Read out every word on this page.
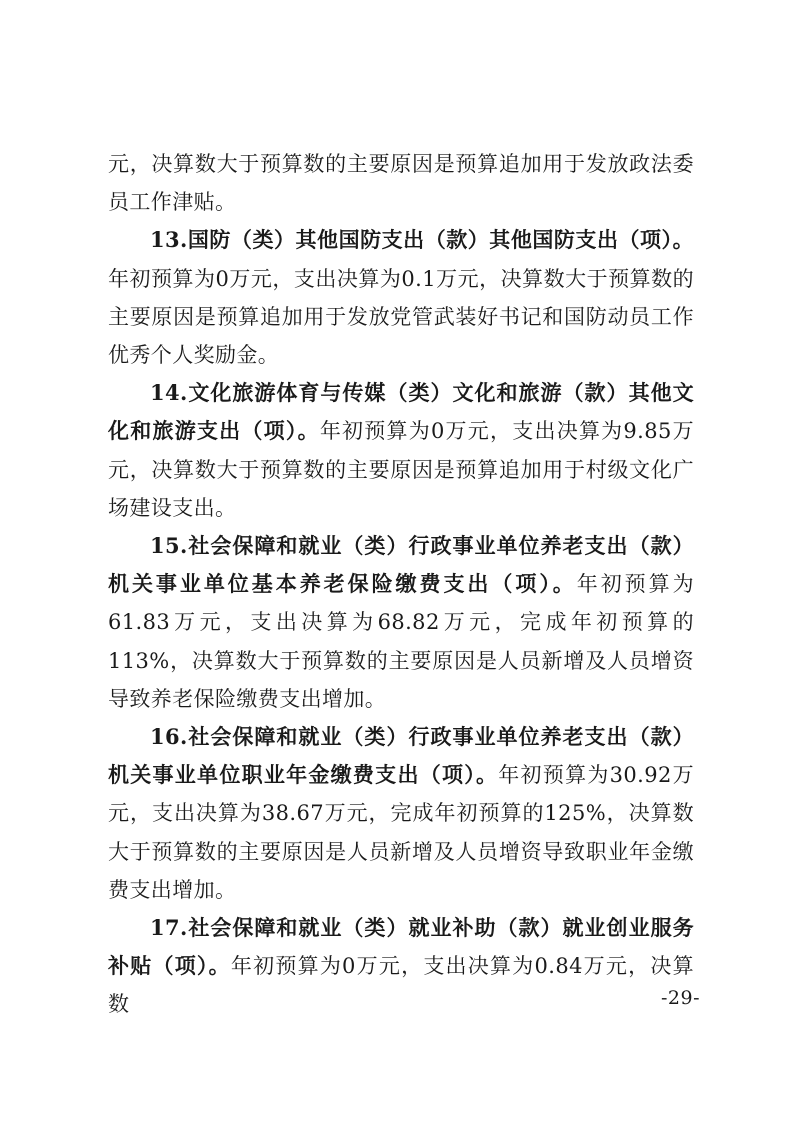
元，决算数大于预算数的主要原因是预算追加用于发放政法委员工作津贴。

13.国防（类）其他国防支出（款）其他国防支出（项）。年初预算为0万元，支出决算为0.1万元，决算数大于预算数的主要原因是预算追加用于发放党管武装好书记和国防动员工作优秀个人奖励金。

14.文化旅游体育与传媒（类）文化和旅游（款）其他文化和旅游支出（项）。年初预算为0万元，支出决算为9.85万元，决算数大于预算数的主要原因是预算追加用于村级文化广场建设支出。

15.社会保障和就业（类）行政事业单位养老支出（款）机关事业单位基本养老保险缴费支出（项）。年初预算为61.83万元，支出决算为68.82万元，完成年初预算的113%，决算数大于预算数的主要原因是人员新增及人员增资导致养老保险缴费支出增加。

16.社会保障和就业（类）行政事业单位养老支出（款）机关事业单位职业年金缴费支出（项）。年初预算为30.92万元，支出决算为38.67万元，完成年初预算的125%，决算数大于预算数的主要原因是人员新增及人员增资导致职业年金缴费支出增加。

17.社会保障和就业（类）就业补助（款）就业创业服务补贴（项）。年初预算为0万元，支出决算为0.84万元，决算数	-29-
